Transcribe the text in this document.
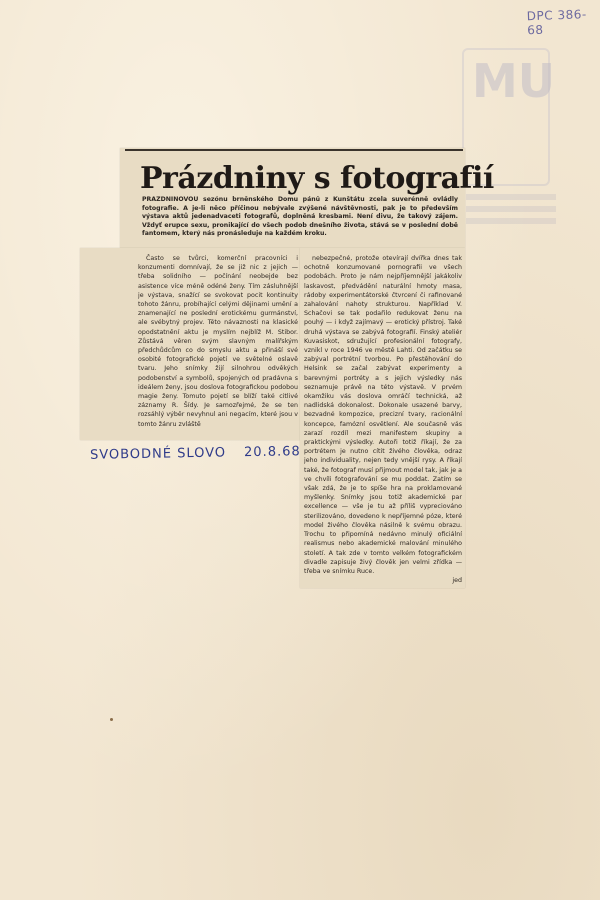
DPC 386-68
MU
Prázdniny s fotografií
PRÁZDNINOVOU sezónu brněnského Domu pánů z Kunštátu zcela suverénně ovládly fotografie. A je-li něco příčinou nebývale zvýšené návštěvnosti, pak je to především výstava aktů jedenadvaceti fotografů, doplněná kresbami. Není divu, že takový zájem. Vždyť erupce sexu, pronikající do všech podob dnešního života, stává se v poslední době fantomem, který nás pronásleduje na každém kroku.

Často se tvůrci, komerční pracovníci i konzumenti domnívají, že se již nic z jejich — třeba solidního — počínání neobejde bez asistence více méně odéné ženy. Tím zásluhnější je výstava, snažící se svokovat pocit kontinuity tohoto žánru, probíhající celými dějinami umění a znamenající ne poslední erotickému gurmánství, ale svébytný projev. Této návaznosti na klasické opodstatnění aktu je myslím nejblíž M. Stibor. Zůstává věren svým slavným malířským předchůdcům co do smyslu aktu a přináší své osobité fotografické pojetí ve světelné oslavě tvaru. Jeho snímky žijí silnohrou odvěkých podobenství a symbolů, spojených od pradávna s ideálem ženy, jsou doslova fotografickou podobou magie ženy. Tomuto pojetí se blíží také citlivé záznamy R. Šídy. Je samozřejmé, že se ten rozsáhlý výběr nevyhnul ani negacím, které jsou v tomto žánru zvláště

nebezpečné, protože otevírají dvířka dnes tak ochotně konzumované pornografii ve všech podobách. Proto je nám nejpříjemnější jakákoliv laskavost, předvádění naturální hmoty masa, rádoby experimentátorské čtvrcení či rafinované zahalování nahoty strukturou. Například V. Schačovi se tak podařilo redukovat ženu na pouhý — i když zajímavý — erotický přístroj. Také druhá výstava se zabývá fotografií. Finský ateliér Kuvasiskot, sdružující profesionální fotografy, vznikl v roce 1946 ve městě Lahti. Od začátku se zabýval portrétní tvorbou. Po přestěhování do Helsink se začal zabývat experimenty a barevnými portréty a s jejich výsledky nás seznamuje právě na této výstavě. V prvém okamžiku vás doslova omráčí technická, až nadlidská dokonalost. Dokonale usazené barvy, bezvadné kompozice, precizní tvary, racionální koncepce, famózní osvětlení. Ale současně vás zarazí rozdíl mezi manifestem skupiny a praktickými výsledky. Autoři totiž říkají, že za portrétem je nutno cítit živého člověka, odraz jeho individuality, nejen tedy vnější rysy. A říkají také, že fotograf musí přijmout model tak, jak je a ve chvíli fotografování se mu poddat. Zatím se však zdá, že je to spíše hra na proklamované myšlenky. Snímky jsou totiž akademické par excellence — vše je tu až příliš vypreciováno sterilizováno, dovedeno k nepříjemné póze, které model živého člověka násilně k svému obrazu. Trochu to připomíná nedávno minulý oficiální realismus nebo akademické malování minulého století. A tak zde v tomto velkém fotografickém divadle zapisuje živý člověk jen velmi zřídka — třeba ve snímku Ruce.

jed

SVOBODNÉ SLOVO 20.8.68
